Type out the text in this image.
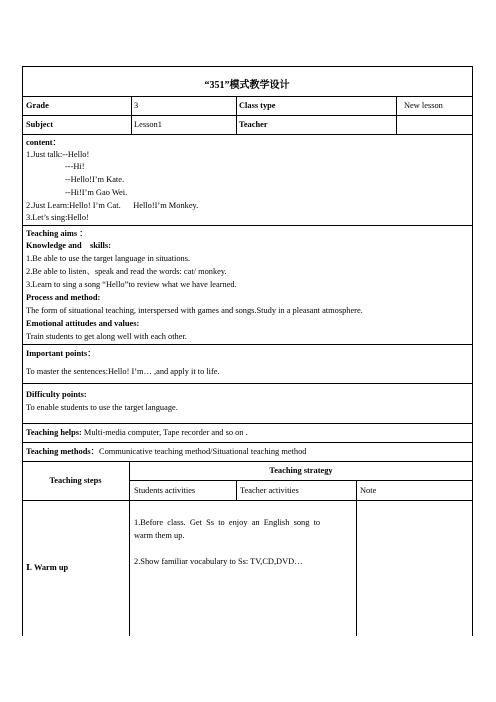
“351”模式教学设计
Grade	3	Class type	New lesson
Subject	Lesson1	Teacher
content：
1.Just talk:--Hello!
---Hi!
--Hello!I’m Kate.
--Hi!I’m Gao Wei.
2.Just Learn:Hello! I’m Cat.      Hello!I’m Monkey.
3.Let’s sing:Hello!
Teaching aims ：
Knowledge and    skills:
1.Be able to use the target language in situations.
2.Be able to listen、speak and read the words: cat/ monkey.
3.Learn to sing a song “Hello”to review what we have learned.
Process and method:
The form of situational teaching, interspersed with games and songs.Study in a pleasant atmosphere.
Emotional attitudes and values:
Train students to get along well with each other.
Important points：
To master the sentences:Hello! I’m… ,and apply it to life.
Difficulty points:
To enable students to use the target language.
Teaching helps: Multi-media computer, Tape recorder and so on .
Teaching methods：Communicative teaching method/Situational teaching method
Teaching steps
Teaching strategy
Students activities	Teacher activities	Note
Ⅰ. Warm up
1.Before  class.  Get  Ss  to  enjoy  an  English  song  to
warm them up.
2.Show familiar vocabulary to Ss: TV,CD,DVD…
